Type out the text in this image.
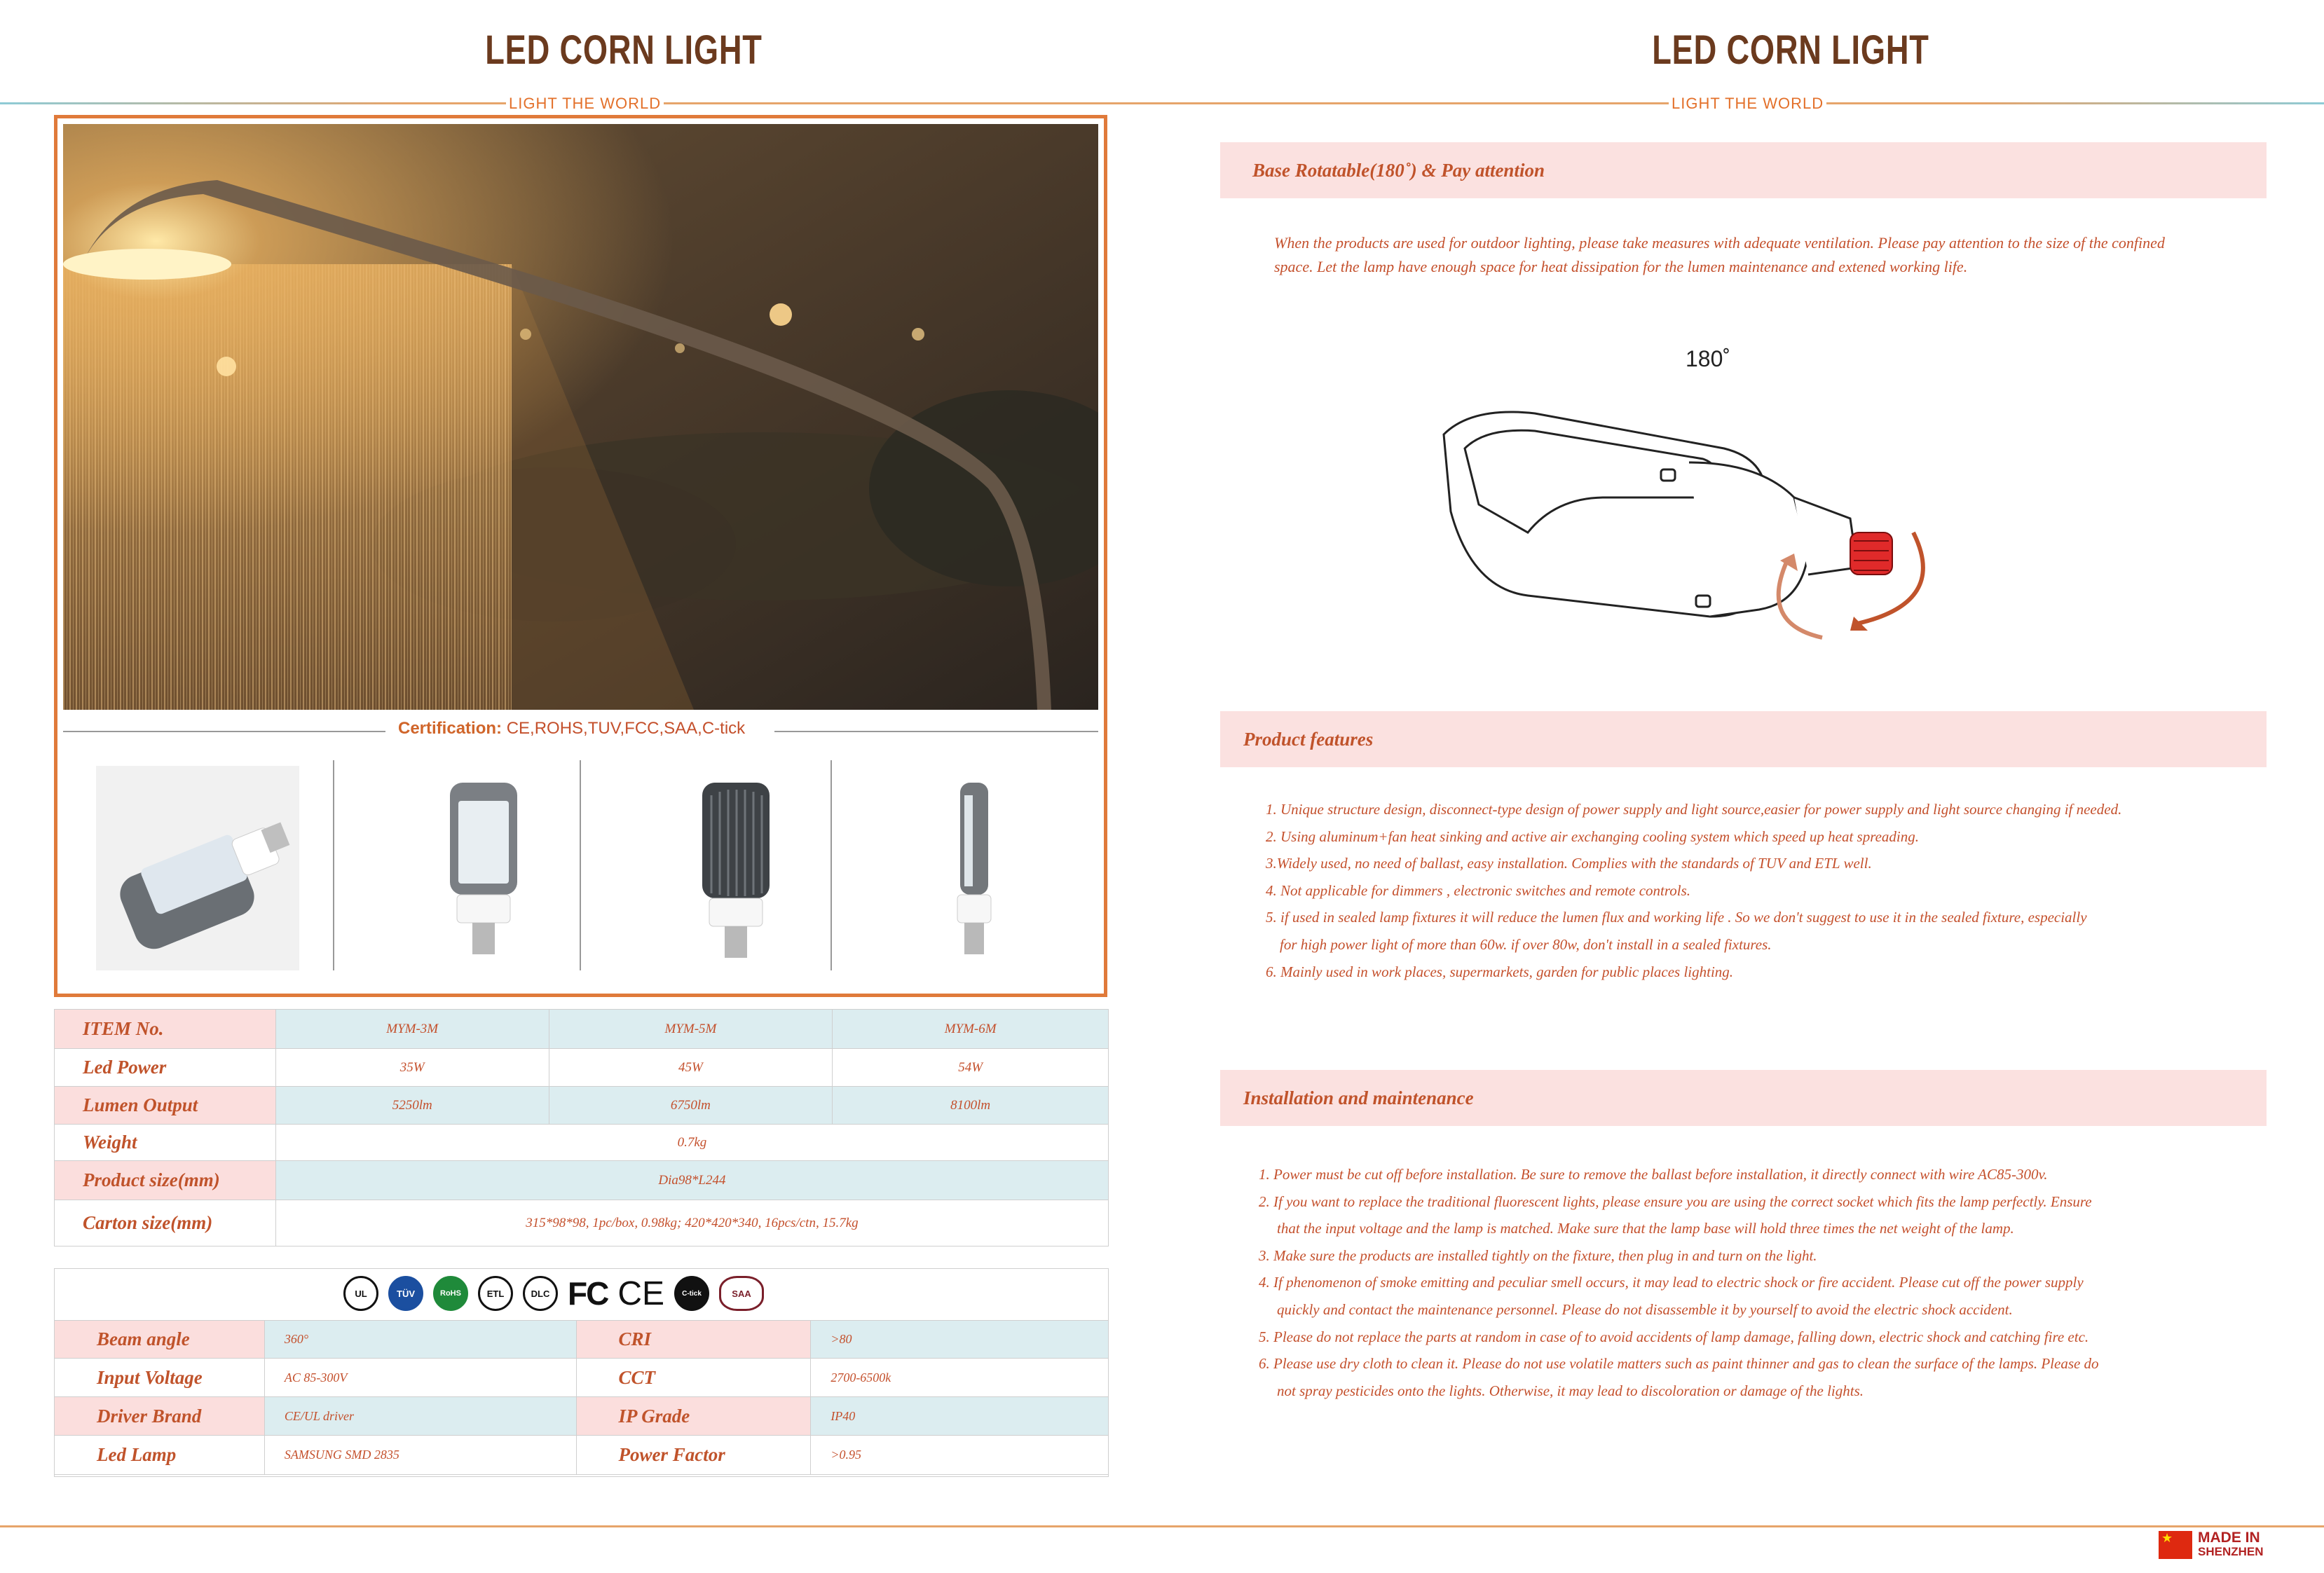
LED CORN LIGHT
LIGHT THE WORLD
Certification: CE,ROHS,TUV,FCC,SAA,C-tick
ITEM No.	MYM-3M	MYM-5M	MYM-6M
Led Power	35W	45W	54W
Lumen Output	5250lm	6750lm	8100lm
Weight	0.7kg		
Product size(mm)	Dia98*L244		
Carton size(mm)	315*98*98, 1pc/box, 0.98kg; 420*420*340, 16pcs/ctn, 15.7kg		
UL	TÜV	RoHS	ETL	DLC FC CE	C-tick	SAA
Beam angle	360°	CRI	>80
Input Voltage	AC 85-300V	CCT	2700-6500k
Driver Brand	CE/UL driver	IP Grade	IP40
Led Lamp	SAMSUNG SMD 2835	Power Factor	>0.95
LED CORN LIGHT
LIGHT THE WORLD
Base Rotatable(180˚) & Pay attention
When the products are used for outdoor lighting, please take measures with adequate ventilation. Please pay attention to the size of the confined space. Let the lamp have enough space for heat dissipation for the lumen maintenance and extened working life.
180˚
Product features

1. Unique structure design, disconnect-type design of power supply and light source,easier for power supply and light source changing if needed.

2. Using aluminum+fan heat sinking and active air exchanging cooling system which speed up heat spreading.

3.Widely used, no need of ballast, easy installation. Complies with the standards of TUV and ETL well.

4. Not applicable for dimmers , electronic switches and remote controls.

5. if used in sealed lamp fixtures it will reduce the lumen flux and working life . So we don't suggest to use it in the sealed fixture, especially

for high power light of more than 60w. if over 80w, don't install in a sealed fixtures.

6. Mainly used in work places, supermarkets, garden for public places lighting.

Installation and maintenance

1. Power must be cut off before installation. Be sure to remove the ballast before installation, it directly connect with wire AC85-300v.

2. If you want to replace the traditional fluorescent lights, please ensure you are using the correct socket which fits the lamp perfectly. Ensure

that the input voltage and the lamp is matched. Make sure that the lamp base will hold three times the net weight of the lamp.

3. Make sure the products are installed tightly on the fixture, then plug in and turn on the light.

4. If phenomenon of smoke emitting and peculiar smell occurs, it may lead to electric shock or fire accident. Please cut off the power supply

quickly and contact the maintenance personnel. Please do not disassemble it by yourself to avoid the electric shock accident.

5. Please do not replace the parts at random in case of to avoid accidents of lamp damage, falling down, electric shock and catching fire etc.

6. Please use dry cloth to clean it. Please do not use volatile matters such as paint thinner and gas to clean the surface of the lamps. Please do

not spray pesticides onto the lights. Otherwise, it may lead to discoloration or damage of the lights.

★ MADE IN
SHENZHEN
